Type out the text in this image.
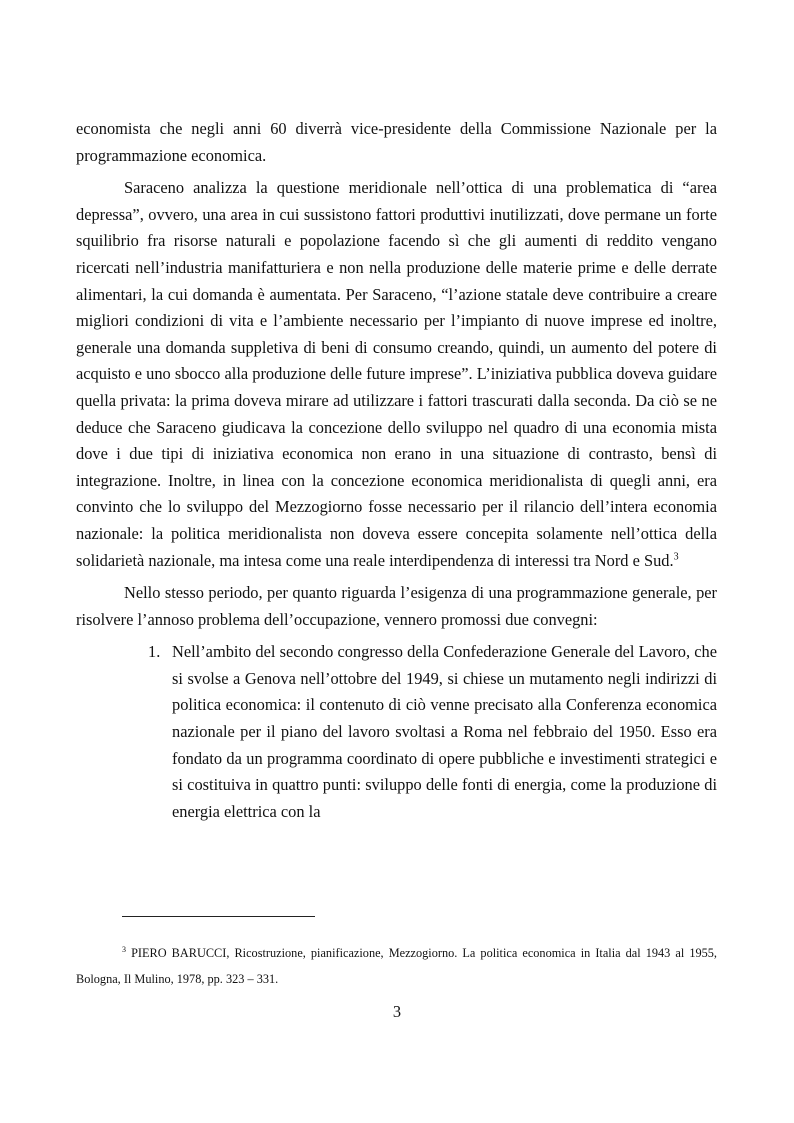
economista che negli anni 60 diverrà vice-presidente della Commissione Nazionale per la programmazione economica.

Saraceno analizza la questione meridionale nell’ottica di una problematica di “area depressa”, ovvero, una area in cui sussistono fattori produttivi inutilizzati, dove permane un forte squilibrio fra risorse naturali e popolazione facendo sì che gli aumenti di reddito vengano ricercati nell’industria manifatturiera e non nella produzione delle materie prime e delle derrate alimentari, la cui domanda è aumentata. Per Saraceno, “l’azione statale deve contribuire a creare migliori condizioni di vita e l’ambiente necessario per l’impianto di nuove imprese ed inoltre, generale una domanda suppletiva di beni di consumo creando, quindi, un aumento del potere di acquisto e uno sbocco alla produzione delle future imprese”. L’iniziativa pubblica doveva guidare quella privata: la prima doveva mirare ad utilizzare i fattori trascurati dalla seconda. Da ciò se ne deduce che Saraceno giudicava la concezione dello sviluppo nel quadro di una economia mista dove i due tipi di iniziativa economica non erano in una situazione di contrasto, bensì di integrazione. Inoltre, in linea con la concezione economica meridionalista di quegli anni, era convinto che lo sviluppo del Mezzogiorno fosse necessario per il rilancio dell’intera economia nazionale: la politica meridionalista non doveva essere concepita solamente nell’ottica della solidarietà nazionale, ma intesa come una reale interdipendenza di interessi tra Nord e Sud.$^3$

Nello stesso periodo, per quanto riguarda l’esigenza di una programmazione generale, per risolvere l’annoso problema dell’occupazione, vennero promossi due convegni:

1. Nell’ambito del secondo congresso della Confederazione Generale del Lavoro, che si svolse a Genova nell’ottobre del 1949, si chiese un mutamento negli indirizzi di politica economica: il contenuto di ciò venne precisato alla Conferenza economica nazionale per il piano del lavoro svoltasi a Roma nel febbraio del 1950. Esso era fondato da un programma coordinato di opere pubbliche e investimenti strategici e si costituiva in quattro punti: sviluppo delle fonti di energia, come la produzione di energia elettrica con la
$^3$ PIERO BARUCCI, Ricostruzione, pianificazione, Mezzogiorno. La politica economica in Italia dal 1943 al 1955, Bologna, Il Mulino, 1978, pp. 323 – 331.
3
